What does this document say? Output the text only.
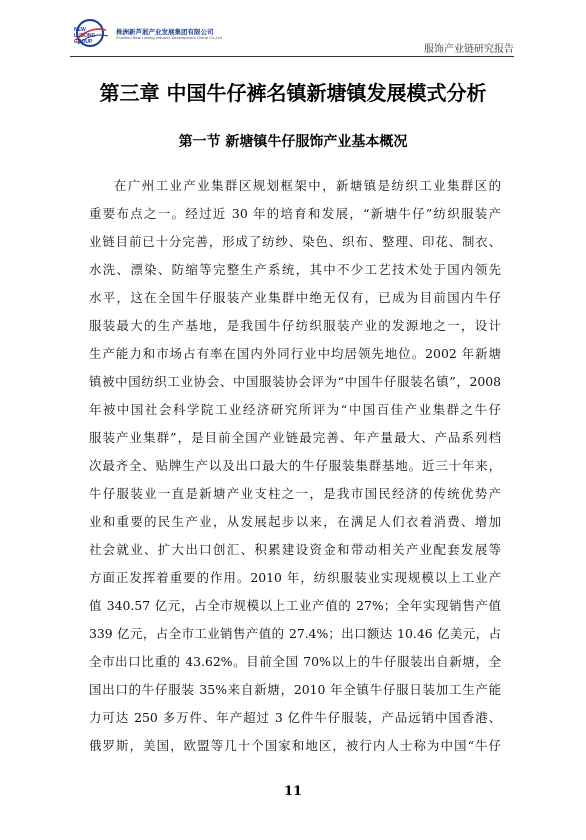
NEW
LUSONG
GROUP
株洲新芦淞产业发展集团有限公司
Zhuzhou New Lusong Industry Development Group Co.,Ltd
服饰产业链研究报告
第三章 中国牛仔裤名镇新塘镇发展模式分析
第一节 新塘镇牛仔服饰产业基本概况
在广州工业产业集群区规划框架中，新塘镇是纺织工业集群区的
重要布点之一。经过近 30 年的培育和发展，“新塘牛仔”纺织服装产
业链目前已十分完善，形成了纺纱、染色、织布、整理、印花、制衣、
水洗、漂染、防缩等完整生产系统，其中不少工艺技术处于国内领先
水平，这在全国牛仔服装产业集群中绝无仅有，已成为目前国内牛仔
服装最大的生产基地，是我国牛仔纺织服装产业的发源地之一，设计
生产能力和市场占有率在国内外同行业中均居领先地位。2002 年新塘
镇被中国纺织工业协会、中国服装协会评为“中国牛仔服装名镇”，2008
年被中国社会科学院工业经济研究所评为“中国百佳产业集群之牛仔
服装产业集群”，是目前全国产业链最完善、年产量最大、产品系列档
次最齐全、贴牌生产以及出口最大的牛仔服装集群基地。近三十年来，
牛仔服装业一直是新塘产业支柱之一，是我市国民经济的传统优势产
业和重要的民生产业，从发展起步以来，在满足人们衣着消费、增加
社会就业、扩大出口创汇、积累建设资金和带动相关产业配套发展等
方面正发挥着重要的作用。2010 年，纺织服装业实现规模以上工业产
值 340.57 亿元，占全市规模以上工业产值的 27%；全年实现销售产值
339 亿元，占全市工业销售产值的 27.4%；出口额达 10.46 亿美元，占
全市出口比重的 43.62%。目前全国 70%以上的牛仔服装出自新塘，全
国出口的牛仔服装 35%来自新塘，2010 年全镇牛仔服日装加工生产能
力可达 250 多万件、年产超过 3 亿件牛仔服装，产品远销中国香港、
俄罗斯，美国，欧盟等几十个国家和地区，被行内人士称为中国“牛仔
11
